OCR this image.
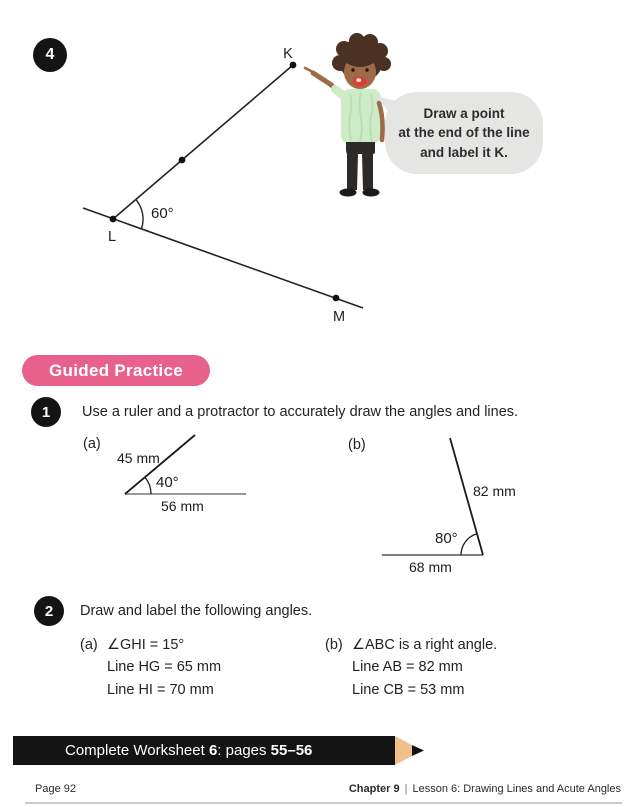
4	K
L
M
60°
Draw a point
at the end of the line
and label it K.
Guided Practice
1	Use a ruler and a protractor to accurately draw the angles and lines.
(a)
45 mm
40°
56 mm
(b)
82 mm
80°
68 mm
2	Draw and label the following angles.
(a) ∠GHI = 15°
Line HG = 65 mm
Line HI = 70 mm
(b) ∠ABC is a right angle.
Line AB = 82 mm
Line CB = 53 mm
Complete Worksheet 6: pages 55–56
Page 92	Chapter 9 | Lesson 6: Drawing Lines and Acute Angles
